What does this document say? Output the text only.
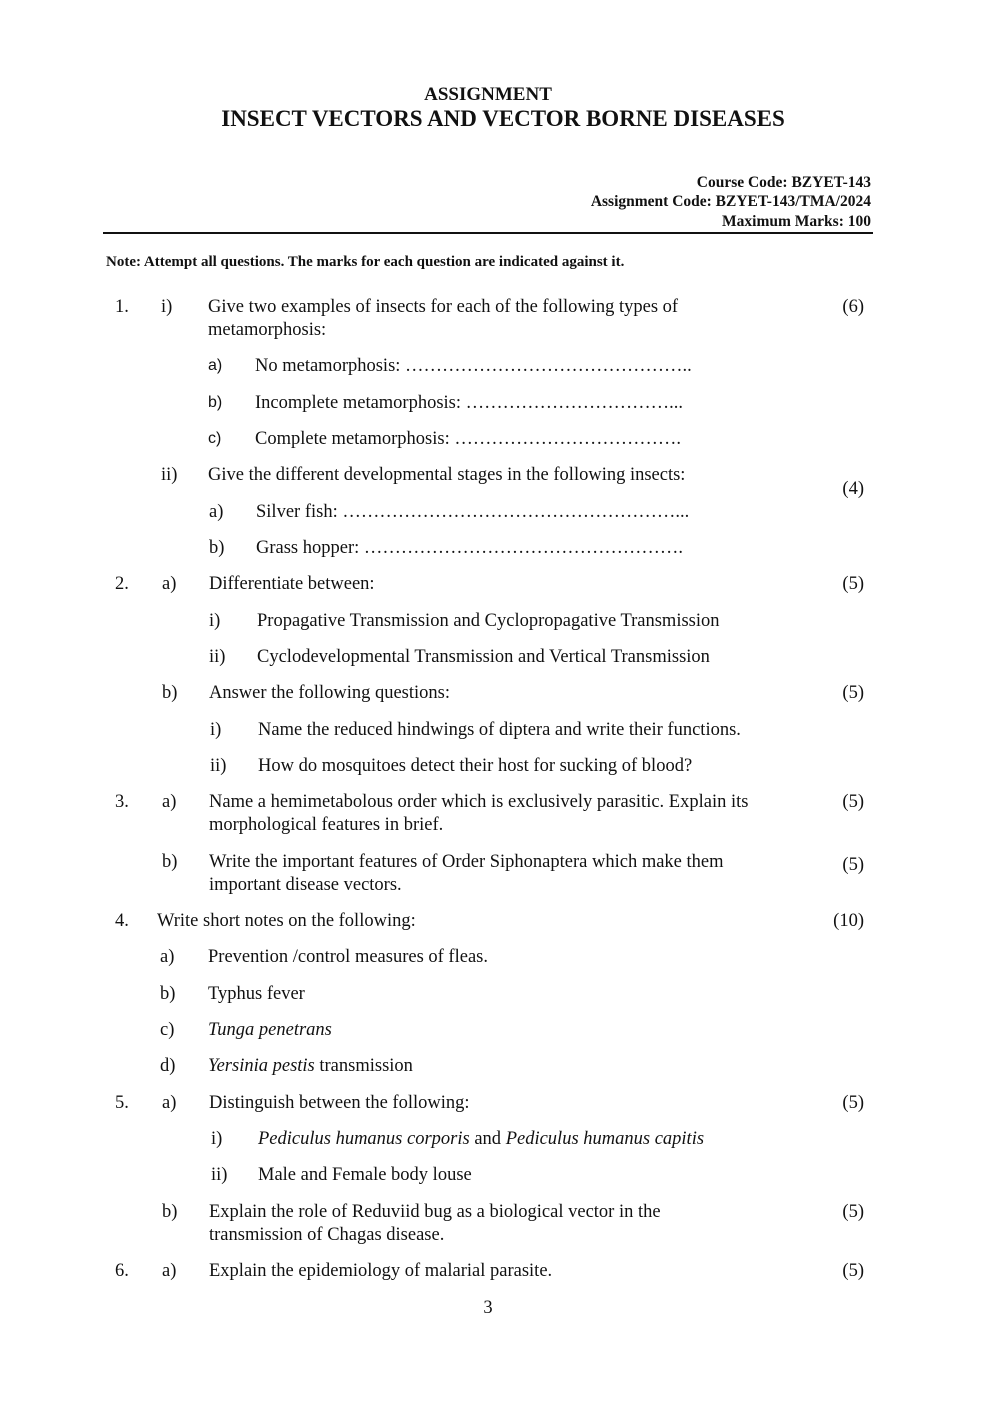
ASSIGNMENT
INSECT VECTORS AND VECTOR BORNE DISEASES
Course Code: BZYET-143
Assignment Code: BZYET-143/TMA/2024
Maximum Marks: 100
Note: Attempt all questions. The marks for each question are indicated against it.
1. i) Give two examples of insects for each of the following types of
metamorphosis:
(6)
a) No metamorphosis: ………………………………………..
b) Incomplete metamorphosis: ……………………………...
c) Complete metamorphosis: ……………………………….
ii) Give the different developmental stages in the following insects:
(4)
a) Silver fish: ………………………………………………...
b) Grass hopper: …………………………………………….
2. a) Differentiate between:	(5)
i) Propagative Transmission and Cyclopropagative Transmission
ii) Cyclodevelopmental Transmission and Vertical Transmission
b) Answer the following questions:	(5)
i) Name the reduced hindwings of diptera and write their functions.
ii) How do mosquitoes detect their host for sucking of blood?
3. a) Name a hemimetabolous order which is exclusively parasitic. Explain its
morphological features in brief.
(5)
b) Write the important features of Order Siphonaptera which make them
important disease vectors.
(5)
4. Write short notes on the following:	(10)
a) Prevention /control measures of fleas.
b) Typhus fever
c) Tunga penetrans
d) Yersinia pestis transmission
5. a) Distinguish between the following:	(5)
i) Pediculus humanus corporis and Pediculus humanus capitis
ii) Male and Female body louse
b) Explain the role of Reduviid bug as a biological vector in the
transmission of Chagas disease.
(5)
6. a) Explain the epidemiology of malarial parasite.	(5)
3
